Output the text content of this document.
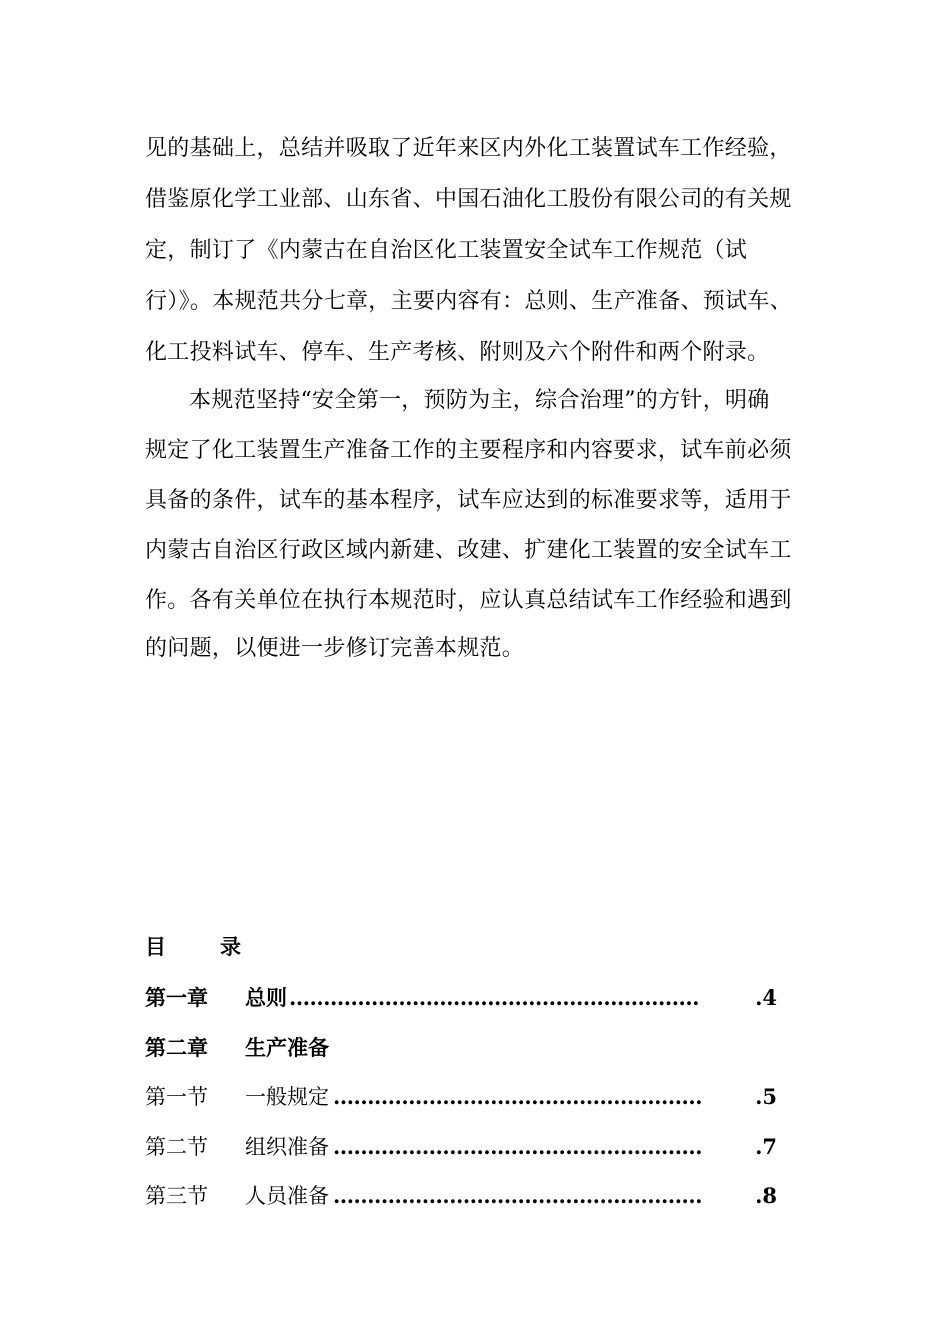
见的基础上，总结并吸取了近年来区内外化工装置试车工作经验，
借鉴原化学工业部、山东省、中国石油化工股份有限公司的有关规
定，制订了《内蒙古在自治区化工装置安全试车工作规范（试
行）》。本规范共分七章，主要内容有：总则、生产准备、预试车、
化工投料试车、停车、生产考核、附则及六个附件和两个附录。
本规范坚持“安全第一，预防为主，综合治理”的方针，明确
规定了化工装置生产准备工作的主要程序和内容要求，试车前必须
具备的条件，试车的基本程序，试车应达到的标准要求等，适用于
内蒙古自治区行政区域内新建、改建、扩建化工装置的安全试车工
作。各有关单位在执行本规范时，应认真总结试车工作经验和遇到
的问题，以便进一步修订完善本规范。
目	录
第一章 总则 ……………………………………………………	.4
第二章 生产准备
第一节 一般规定 ………………………………………………	.5
第二节 组织准备 ………………………………………………	.7
第三节 人员准备 ………………………………………………	.8
